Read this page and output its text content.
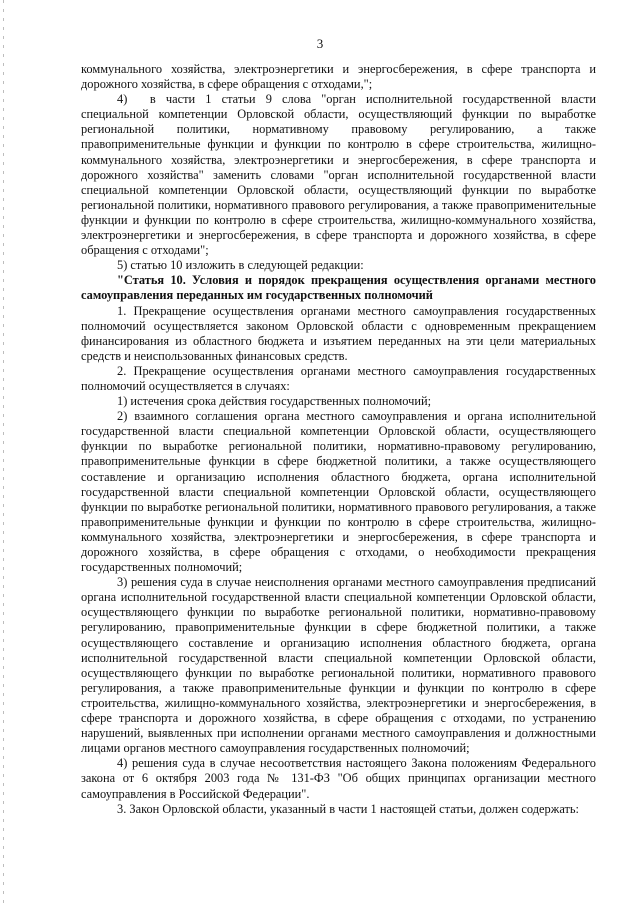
3

коммунального хозяйства, электроэнергетики и энергосбережения, в сфере транспорта и дорожного хозяйства, в сфере обращения с отходами,";

4)  в части 1 статьи 9 слова "орган исполнительной государственной власти специальной компетенции Орловской области, осуществляющий функции по выработке региональной политики, нормативному правовому регулированию, а также правоприменительные функции и функции по контролю в сфере строительства, жилищно-коммунального хозяйства, электроэнергетики и энергосбережения, в сфере транспорта и дорожного хозяйства" заменить словами "орган исполнительной государственной власти специальной компетенции Орловской области, осуществляющий функции по выработке региональной политики, нормативного правового регулирования, а также правоприменительные функции и функции по контролю в сфере строительства, жилищно-коммунального хозяйства, электроэнергетики и энергосбережения, в сфере транспорта и дорожного хозяйства, в сфере обращения с отходами";

5) статью 10 изложить в следующей редакции:

"Статья 10. Условия и порядок прекращения осуществления органами местного самоуправления переданных им государственных полномочий

1. Прекращение осуществления органами местного самоуправления государственных полномочий осуществляется законом Орловской области с одновременным прекращением финансирования из областного бюджета и изъятием переданных на эти цели материальных средств и неиспользованных финансовых средств.

2. Прекращение осуществления органами местного самоуправления государственных полномочий осуществляется в случаях:

1) истечения срока действия государственных полномочий;

2) взаимного соглашения органа местного самоуправления и органа исполнительной государственной власти специальной компетенции Орловской области, осуществляющего функции по выработке региональной политики, нормативно-правовому регулированию, правоприменительные функции в сфере бюджетной политики, а также осуществляющего составление и организацию исполнения областного бюджета, органа исполнительной государственной власти специальной компетенции Орловской области, осуществляющего функции по выработке региональной политики, нормативного правового регулирования, а также правоприменительные функции и функции по контролю в сфере строительства, жилищно-коммунального хозяйства, электроэнергетики и энергосбережения, в сфере транспорта и дорожного хозяйства, в сфере обращения с отходами, о необходимости прекращения государственных полномочий;

3) решения суда в случае неисполнения органами местного самоуправления предписаний органа исполнительной государственной власти специальной компетенции Орловской области, осуществляющего функции по выработке региональной политики, нормативно-правовому регулированию, правоприменительные функции в сфере бюджетной политики, а также осуществляющего составление и организацию исполнения областного бюджета, органа исполнительной государственной власти специальной компетенции Орловской области, осуществляющего функции по выработке региональной политики, нормативного правового регулирования, а также правоприменительные функции и функции по контролю в сфере строительства, жилищно-коммунального хозяйства, электроэнергетики и энергосбережения, в сфере транспорта и дорожного хозяйства, в сфере обращения с отходами, по устранению нарушений, выявленных при исполнении органами местного самоуправления и должностными лицами органов местного самоуправления государственных полномочий;

4) решения суда в случае несоответствия настоящего Закона положениям Федерального закона от 6 октября 2003 года № 131-ФЗ "Об общих принципах организации местного самоуправления в Российской Федерации".

3. Закон Орловской области, указанный в части 1 настоящей статьи, должен содержать:
